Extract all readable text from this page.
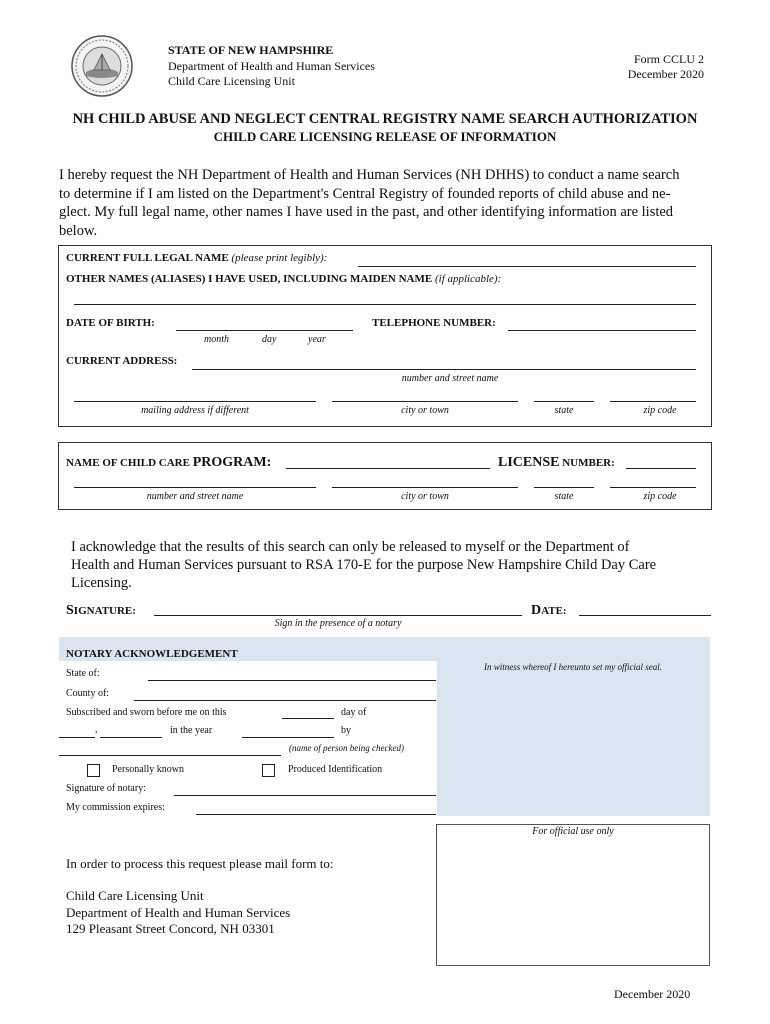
STATE OF NEW HAMPSHIRE
Department of Health and Human Services
Child Care Licensing Unit
Form CCLU 2
December 2020
NH CHILD ABUSE AND NEGLECT CENTRAL REGISTRY NAME SEARCH AUTHORIZATION
CHILD CARE LICENSING RELEASE OF INFORMATION
I hereby request the NH Department of Health and Human Services (NH DHHS) to conduct a name search
to determine if I am listed on the Department's Central Registry of founded reports of child abuse and ne-
glect. My full legal name, other names I have used in the past, and other identifying information are listed
below.
CURRENT FULL LEGAL NAME (please print legibly):
OTHER NAMES (ALIASES) I HAVE USED, INCLUDING MAIDEN NAME (if applicable):
DATE OF BIRTH:
month	day	year
TELEPHONE NUMBER:
CURRENT ADDRESS:
number and street name
mailing address if different	city or town	state	zip code
NAME OF CHILD CARE PROGRAM:	LICENSE NUMBER:
number and street name	city or town	state	zip code
I acknowledge that the results of this search can only be released to myself or the Department of
Health and Human Services pursuant to RSA 170-E for the purpose New Hampshire Child Day Care
Licensing.
SIGNATURE:
Sign in the presence of a notary
DATE:
NOTARY ACKNOWLEDGEMENT
In witness whereof I hereunto set my official seal.
State of:
County of:
Subscribed and sworn before me on this	day of
,	in the year	by
(name of person being checked)
Personally known	Produced Identification
Signature of notary:
My commission expires:
For official use only
In order to process this request please mail form to:
Child Care Licensing Unit
Department of Health and Human Services
129 Pleasant Street Concord, NH 03301
December 2020
